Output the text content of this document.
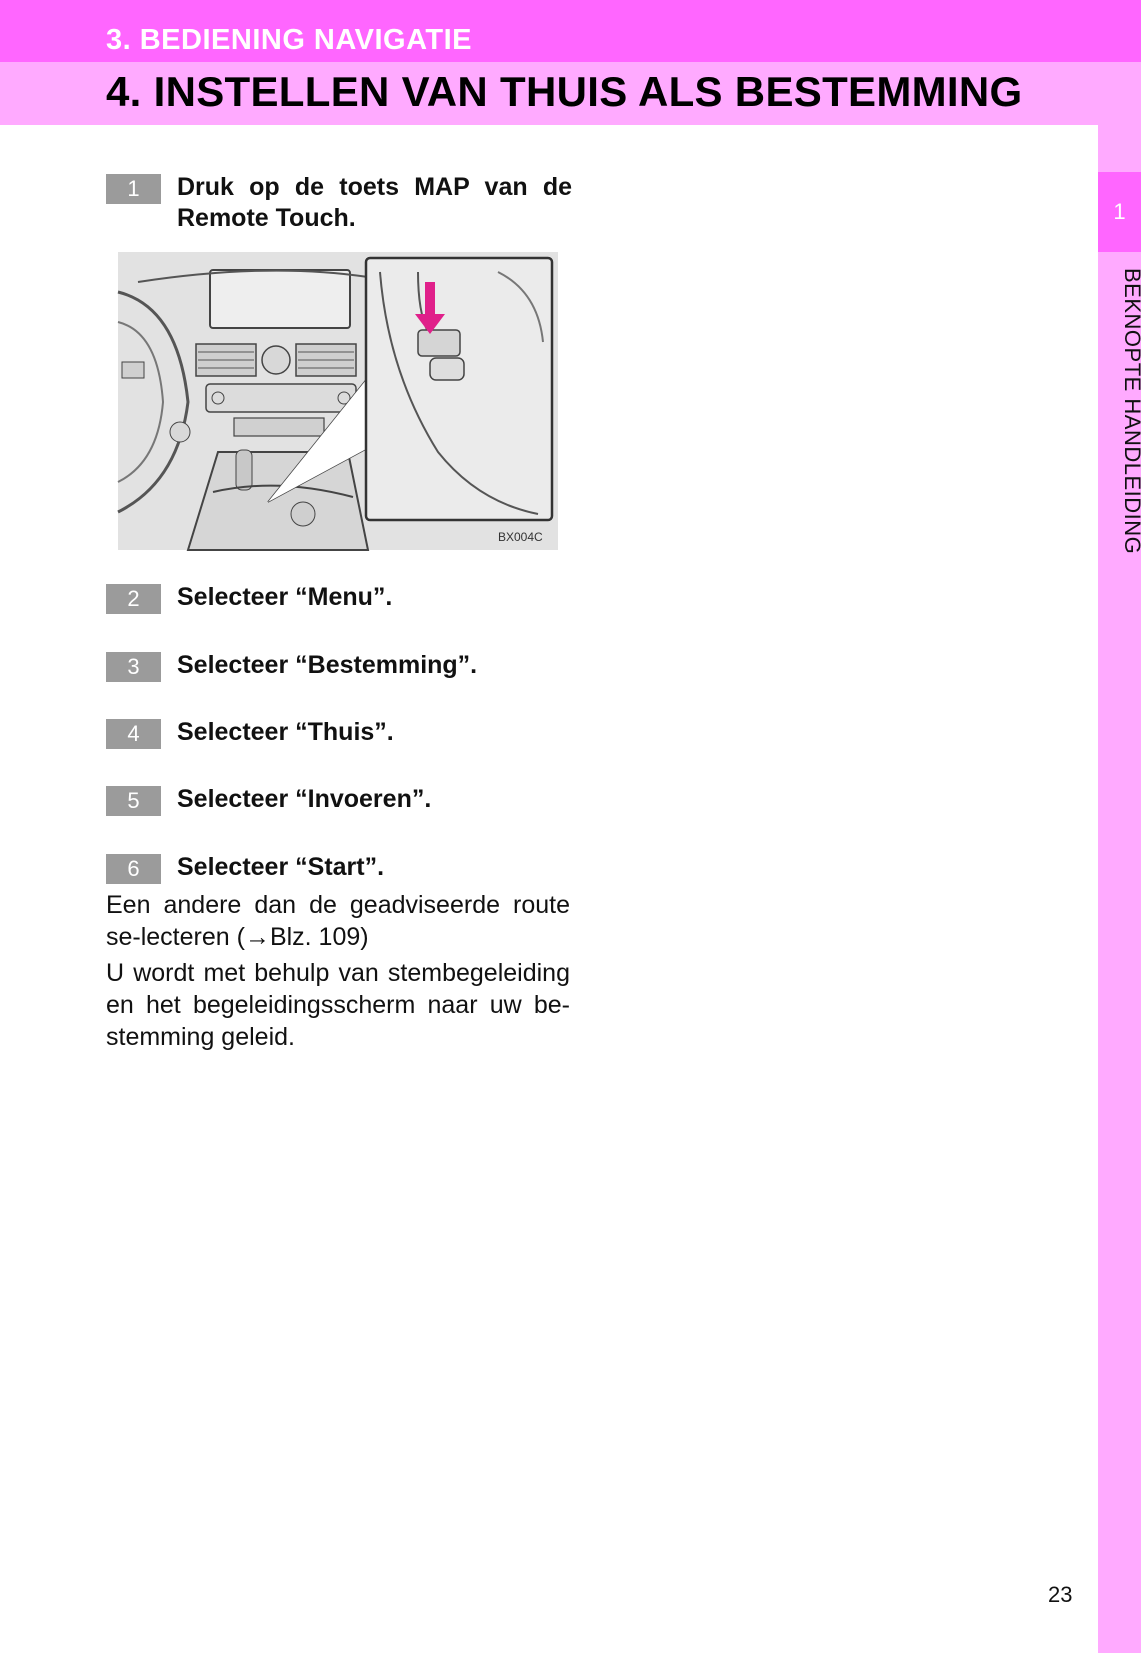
3. BEDIENING NAVIGATIE
4. INSTELLEN VAN THUIS ALS BESTEMMING
1
BEKNOPTE HANDLEIDING
1	Druk op de toets MAP van de Remote Touch.
BX004C
2	Selecteer “Menu”.
3	Selecteer “Bestemming”.
4	Selecteer “Thuis”.
5	Selecteer “Invoeren”.
6	Selecteer “Start”.
Een andere dan de geadviseerde route se-lecteren (→Blz. 109)
U wordt met behulp van stembegeleiding en het begeleidingsscherm naar uw be-stemming geleid.
23
